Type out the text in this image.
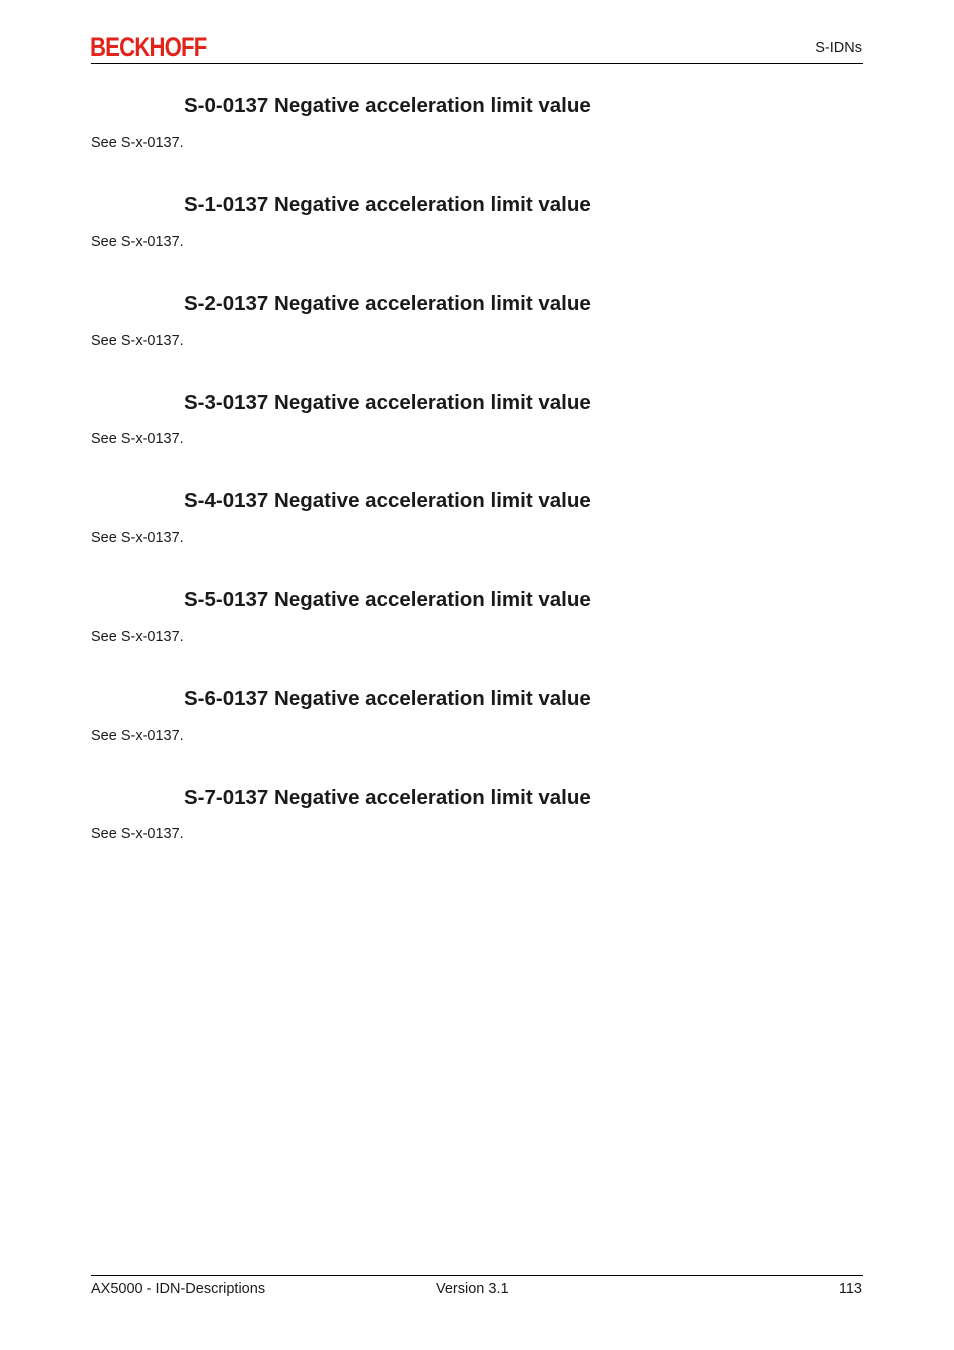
BECKHOFF	S-IDNs
S-0-0137 Negative acceleration limit value
See S-x-0137.
S-1-0137 Negative acceleration limit value
See S-x-0137.
S-2-0137 Negative acceleration limit value
See S-x-0137.
S-3-0137 Negative acceleration limit value
See S-x-0137.
S-4-0137 Negative acceleration limit value
See S-x-0137.
S-5-0137 Negative acceleration limit value
See S-x-0137.
S-6-0137 Negative acceleration limit value
See S-x-0137.
S-7-0137 Negative acceleration limit value
See S-x-0137.
AX5000 - IDN-Descriptions	Version 3.1	113
